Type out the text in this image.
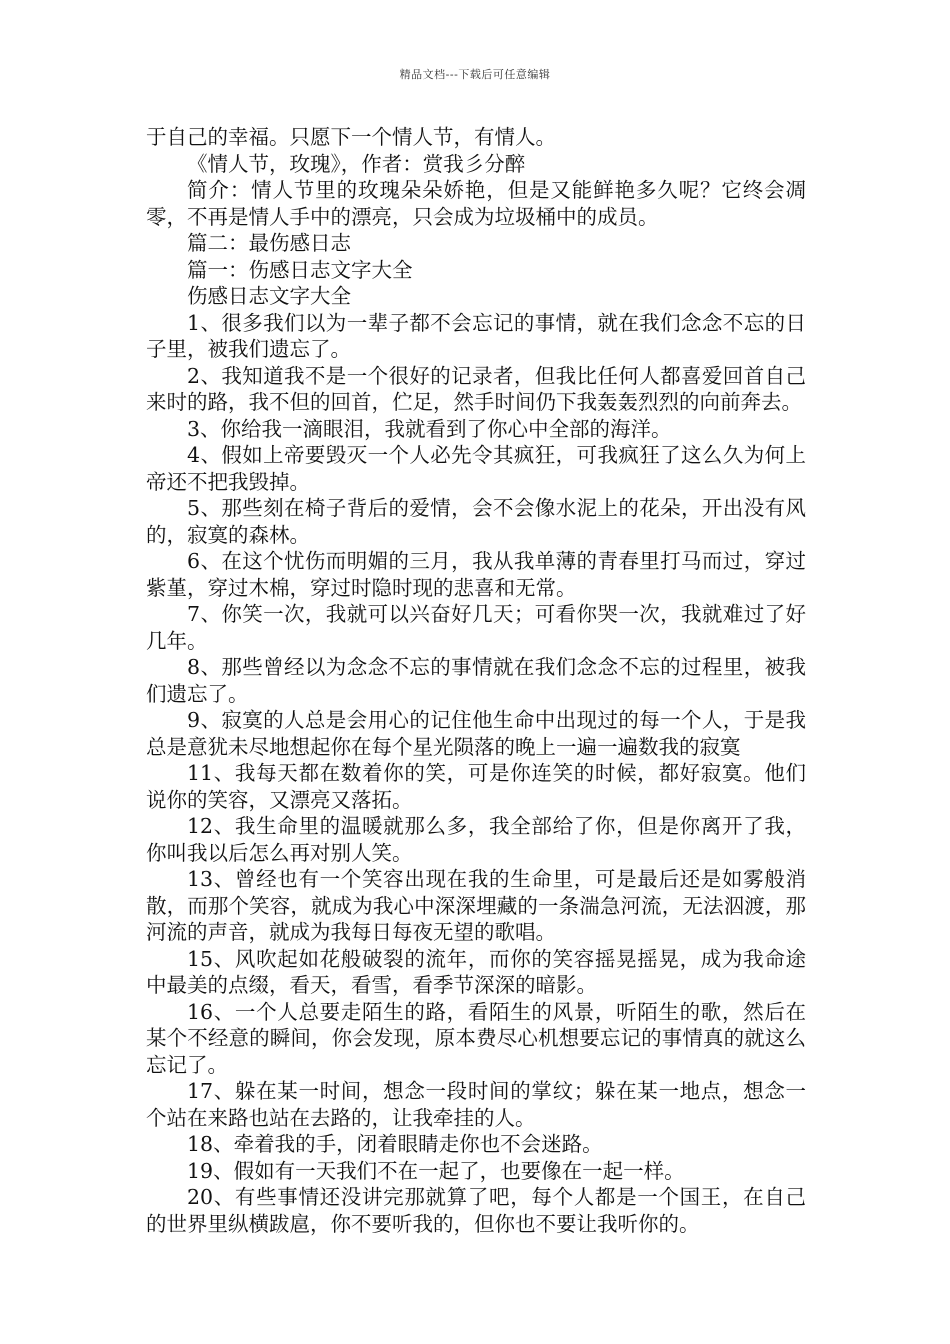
精品文档---下载后可任意编辑

于自己的幸福。只愿下一个情人节，有情人。

《情人节，玫瑰》，作者：赏我彡分醉

简介：情人节里的玫瑰朵朵娇艳，但是又能鲜艳多久呢？它终会凋零，不再是情人手中的漂亮，只会成为垃圾桶中的成员。

篇二：最伤感日志

篇一：伤感日志文字大全

伤感日志文字大全

1、很多我们以为一辈子都不会忘记的事情，就在我们念念不忘的日子里，被我们遗忘了。

2、我知道我不是一个很好的记录者，但我比任何人都喜爱回首自己来时的路，我不但的回首，伫足，然手时间仍下我轰轰烈烈的向前奔去。

3、你给我一滴眼泪，我就看到了你心中全部的海洋。

4、假如上帝要毁灭一个人必先令其疯狂，可我疯狂了这么久为何上帝还不把我毁掉。

5、那些刻在椅子背后的爱情，会不会像水泥上的花朵，开出没有风的，寂寞的森林。

6、在这个忧伤而明媚的三月，我从我单薄的青春里打马而过，穿过紫堇，穿过木棉，穿过时隐时现的悲喜和无常。

7、你笑一次，我就可以兴奋好几天；可看你哭一次，我就难过了好几年。

8、那些曾经以为念念不忘的事情就在我们念念不忘的过程里，被我们遗忘了。

9、寂寞的人总是会用心的记住他生命中出现过的每一个人，于是我总是意犹未尽地想起你在每个星光陨落的晚上一遍一遍数我的寂寞

11、我每天都在数着你的笑，可是你连笑的时候，都好寂寞。他们说你的笑容，又漂亮又落拓。

12、我生命里的温暖就那么多，我全部给了你，但是你离开了我，你叫我以后怎么再对别人笑。

13、曾经也有一个笑容出现在我的生命里，可是最后还是如雾般消散，而那个笑容，就成为我心中深深埋藏的一条湍急河流，无法泅渡，那河流的声音，就成为我每日每夜无望的歌唱。

15、风吹起如花般破裂的流年，而你的笑容摇晃摇晃，成为我命途中最美的点缀，看天，看雪，看季节深深的暗影。

16、一个人总要走陌生的路，看陌生的风景，听陌生的歌，然后在某个不经意的瞬间，你会发现，原本费尽心机想要忘记的事情真的就这么忘记了。

17、躲在某一时间，想念一段时间的掌纹；躲在某一地点，想念一个站在来路也站在去路的，让我牵挂的人。

18、牵着我的手，闭着眼睛走你也不会迷路。

19、假如有一天我们不在一起了，也要像在一起一样。

20、有些事情还没讲完那就算了吧，每个人都是一个国王，在自己的世界里纵横跋扈，你不要听我的，但你也不要让我听你的。
